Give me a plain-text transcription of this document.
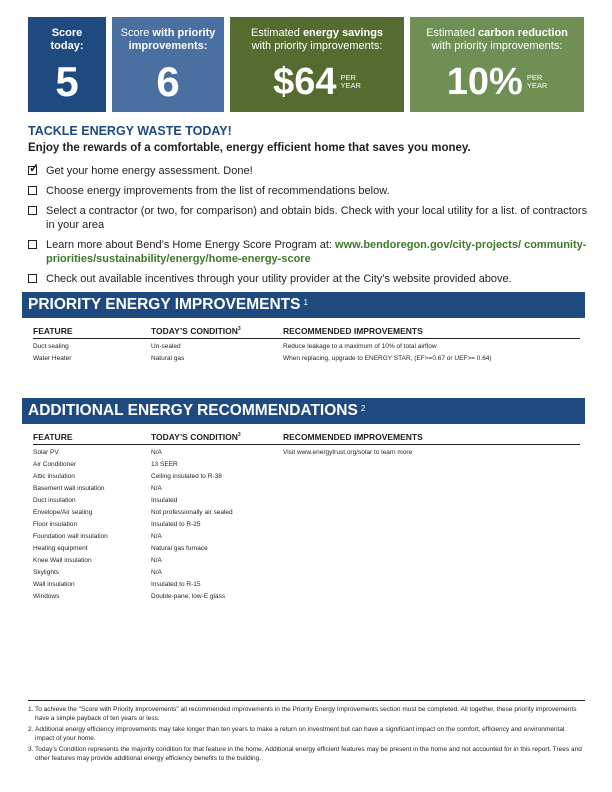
Score
today:
5
Score with priority improvements:
6
Estimated energy savings
with priority improvements:
$64 PER
YEAR
Estimated carbon reduction
with priority improvements:
10% PER
YEAR
TACKLE ENERGY WASTE TODAY!
Enjoy the rewards of a comfortable, energy efficient home that saves you money.
✓ Get your home energy assessment. Done!
Choose energy improvements from the list of recommendations below.
Select a contractor (or two, for comparison) and obtain bids. Check with your local utility for a list. of contractors in your area
Learn more about Bend’s Home Energy Score Program at: www.bendoregon.gov/city-projects/ community-priorities/sustainability/energy/home-energy-score
Check out available incentives through your utility provider at the City’s website provided above.
PRIORITY ENERGY IMPROVEMENTS $^1$
FEATURE	TODAY’S CONDITION$^3$	RECOMMENDED IMPROVEMENTS
Duct sealing	Un-sealed	Reduce leakage to a maximum of 10% of total airflow
Water Heater	Natural gas	When replacing, upgrade to ENERGY STAR, (EF>=0.67 or UEF>= 0.64)
ADDITIONAL ENERGY RECOMMENDATIONS $^2$
FEATURE	TODAY’S CONDITION$^3$	RECOMMENDED IMPROVEMENTS
Solar PV	N/A	Visit www.energytrust.org/solar to learn more
Air Conditioner	13 SEER
Attic insulation	Ceiling insulated to R-38
Basement wall insulation	N/A
Duct insulation	Insulated
Envelope/Air sealing	Not professionally air sealed
Floor insulation	Insulated to R-25
Foundation wall insulation	N/A
Heating equipment	Natural gas furnace
Knee Wall insulation	N/A
Skylights	N/A
Wall insulation	Insulated to R-15
Windows	Double-pane, low-E glass
1. To achieve the "Score with Priority Improvements" all recommended improvements in the Priority Energy Improvements section must be completed. All together, these priority improvements have a simple payback of ten years or less.
2. Additional energy efficiency improvements may take longer than ten years to make a return on investment but can have a significant impact on the comfort, efficiency and environmental impact of your home.
3. Today’s Condition represents the majority condition for that feature in the home. Additional energy efficient features may be present in the home and not accounted for in this report. Trees and other features may provide additional energy efficiency benefits to the building.
